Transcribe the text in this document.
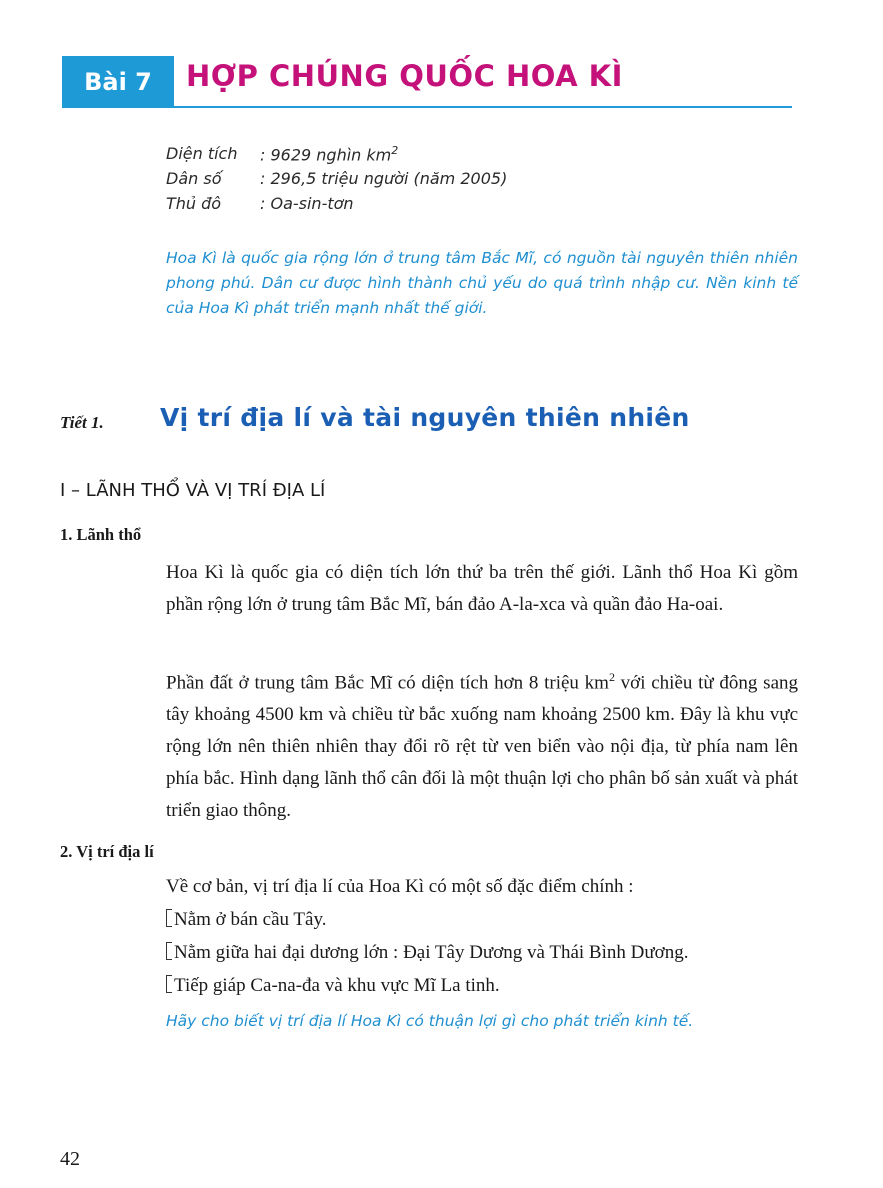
Bài 7	HỢP CHÚNG QUỐC HOA KÌ
Diện tích	: 9629 nghìn $km^2$
Dân số	: 296,5 triệu người (năm 2005)
Thủ đô	: Oa-sin-tơn
Hoa Kì là quốc gia rộng lớn ở trung tâm Bắc Mĩ, có nguồn tài nguyên thiên nhiên phong phú. Dân cư được hình thành chủ yếu do quá trình nhập cư. Nền kinh tế của Hoa Kì phát triển mạnh nhất thế giới.
Tiết 1. Vị trí địa lí và tài nguyên thiên nhiên
I – LÃNH THỔ VÀ VỊ TRÍ ĐỊA LÍ
1. Lãnh thổ
Hoa Kì là quốc gia có diện tích lớn thứ ba trên thế giới. Lãnh thổ Hoa Kì gồm phần rộng lớn ở trung tâm Bắc Mĩ, bán đảo A-la-xca và quần đảo Ha-oai.
Phần đất ở trung tâm Bắc Mĩ có diện tích hơn 8 triệu $km^2$ với chiều từ đông sang tây khoảng 4500 km và chiều từ bắc xuống nam khoảng 2500 km. Đây là khu vực rộng lớn nên thiên nhiên thay đổi rõ rệt từ ven biển vào nội địa, từ phía nam lên phía bắc. Hình dạng lãnh thổ cân đối là một thuận lợi cho phân bố sản xuất và phát triển giao thông.
2. Vị trí địa lí
Về cơ bản, vị trí địa lí của Hoa Kì có một số đặc điểm chính :
Nằm ở bán cầu Tây.
Nằm giữa hai đại dương lớn : Đại Tây Dương và Thái Bình Dương.
Tiếp giáp Ca-na-đa và khu vực Mĩ La tinh.
Hãy cho biết vị trí địa lí Hoa Kì có thuận lợi gì cho phát triển kinh tế.
42
